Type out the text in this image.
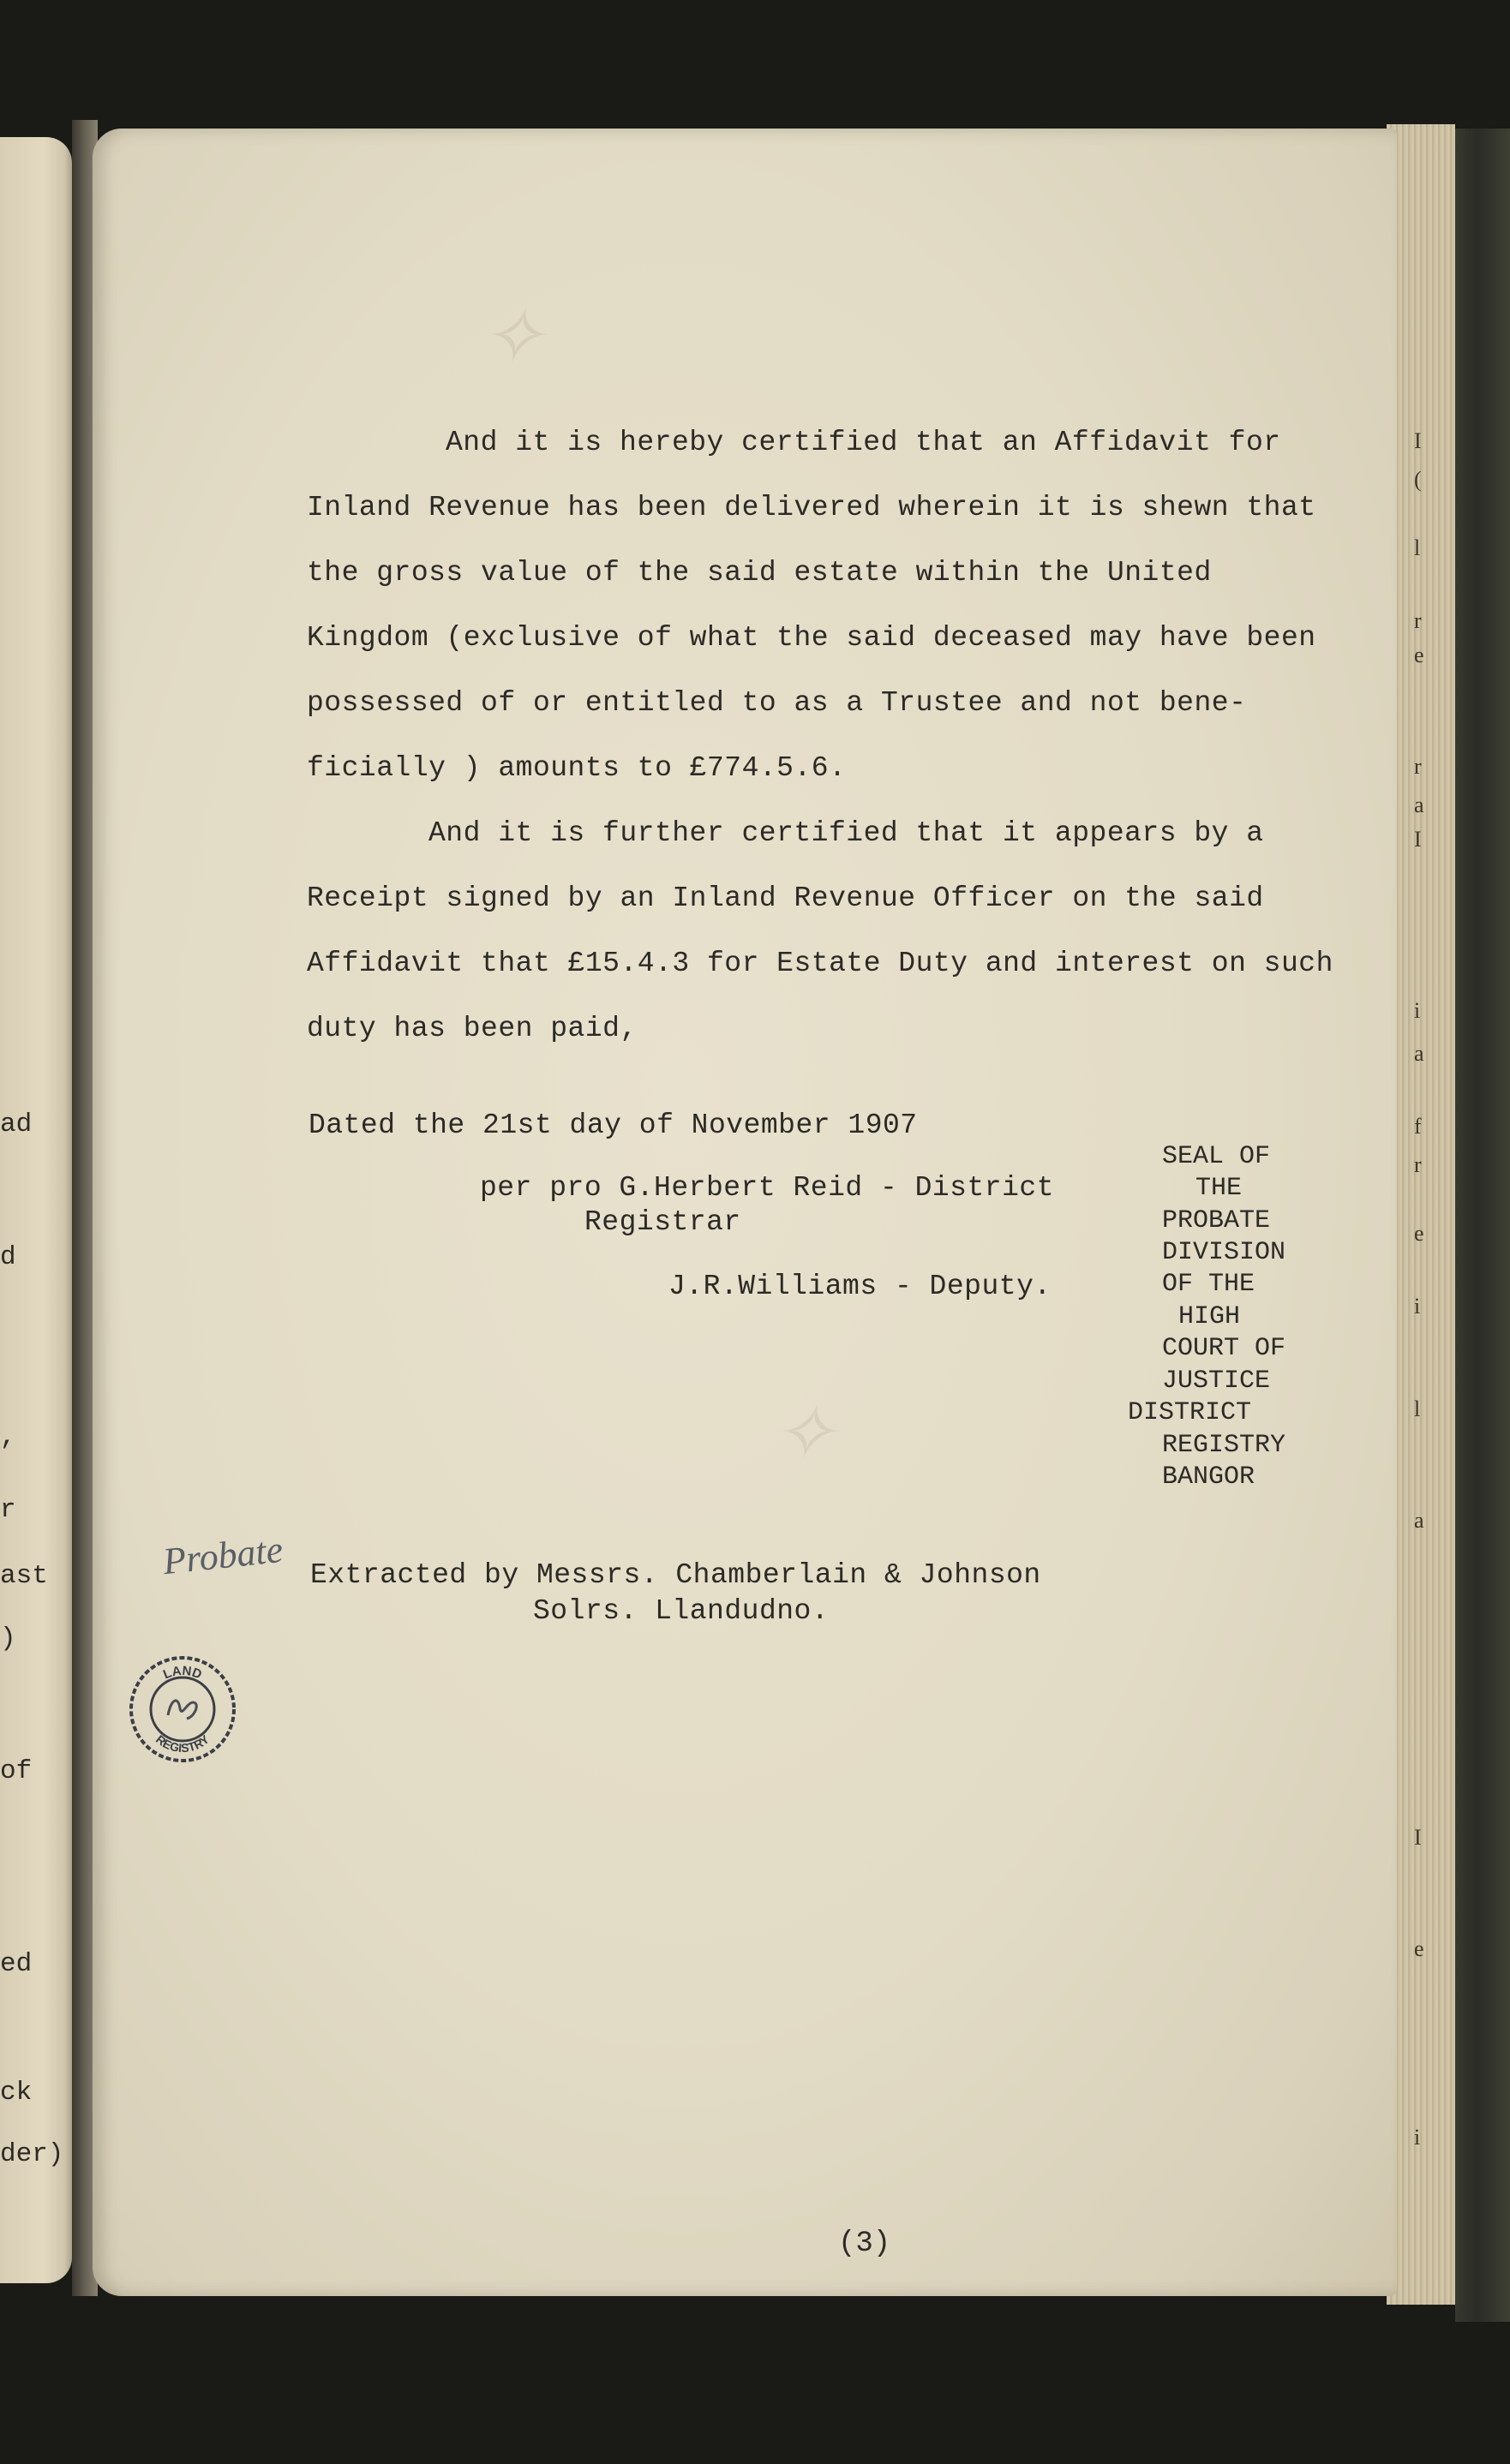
ad
d
,
r
ast
)
of
ed
ck
der)
I
(
l
r
e
r
a
I
i
a
f
r
e
i
l
a
I
e
i
✧
✧
And it is hereby certified that an Affidavit for
Inland Revenue has been delivered wherein it is shewn that
the gross value of the said estate within the United
Kingdom (exclusive of what the said deceased may have been
possessed of or entitled to as a Trustee and not bene-
ficially ) amounts to £774.5.6.
And it is further certified that it appears by a
Receipt signed by an Inland Revenue Officer on the said
Affidavit that £15.4.3 for Estate Duty and interest on such
duty has been paid,
Dated the 21st day of November 1907
per pro G.Herbert Reid - District
Registrar
J.R.Williams - Deputy.
SEAL OF
THE
PROBATE
DIVISION
OF THE
HIGH
COURT OF
JUSTICE
DISTRICT
REGISTRY
BANGOR
Probate Extracted by Messrs. Chamberlain & Johnson
Solrs. Llandudno.
LAND
REGISTRY
(3)
